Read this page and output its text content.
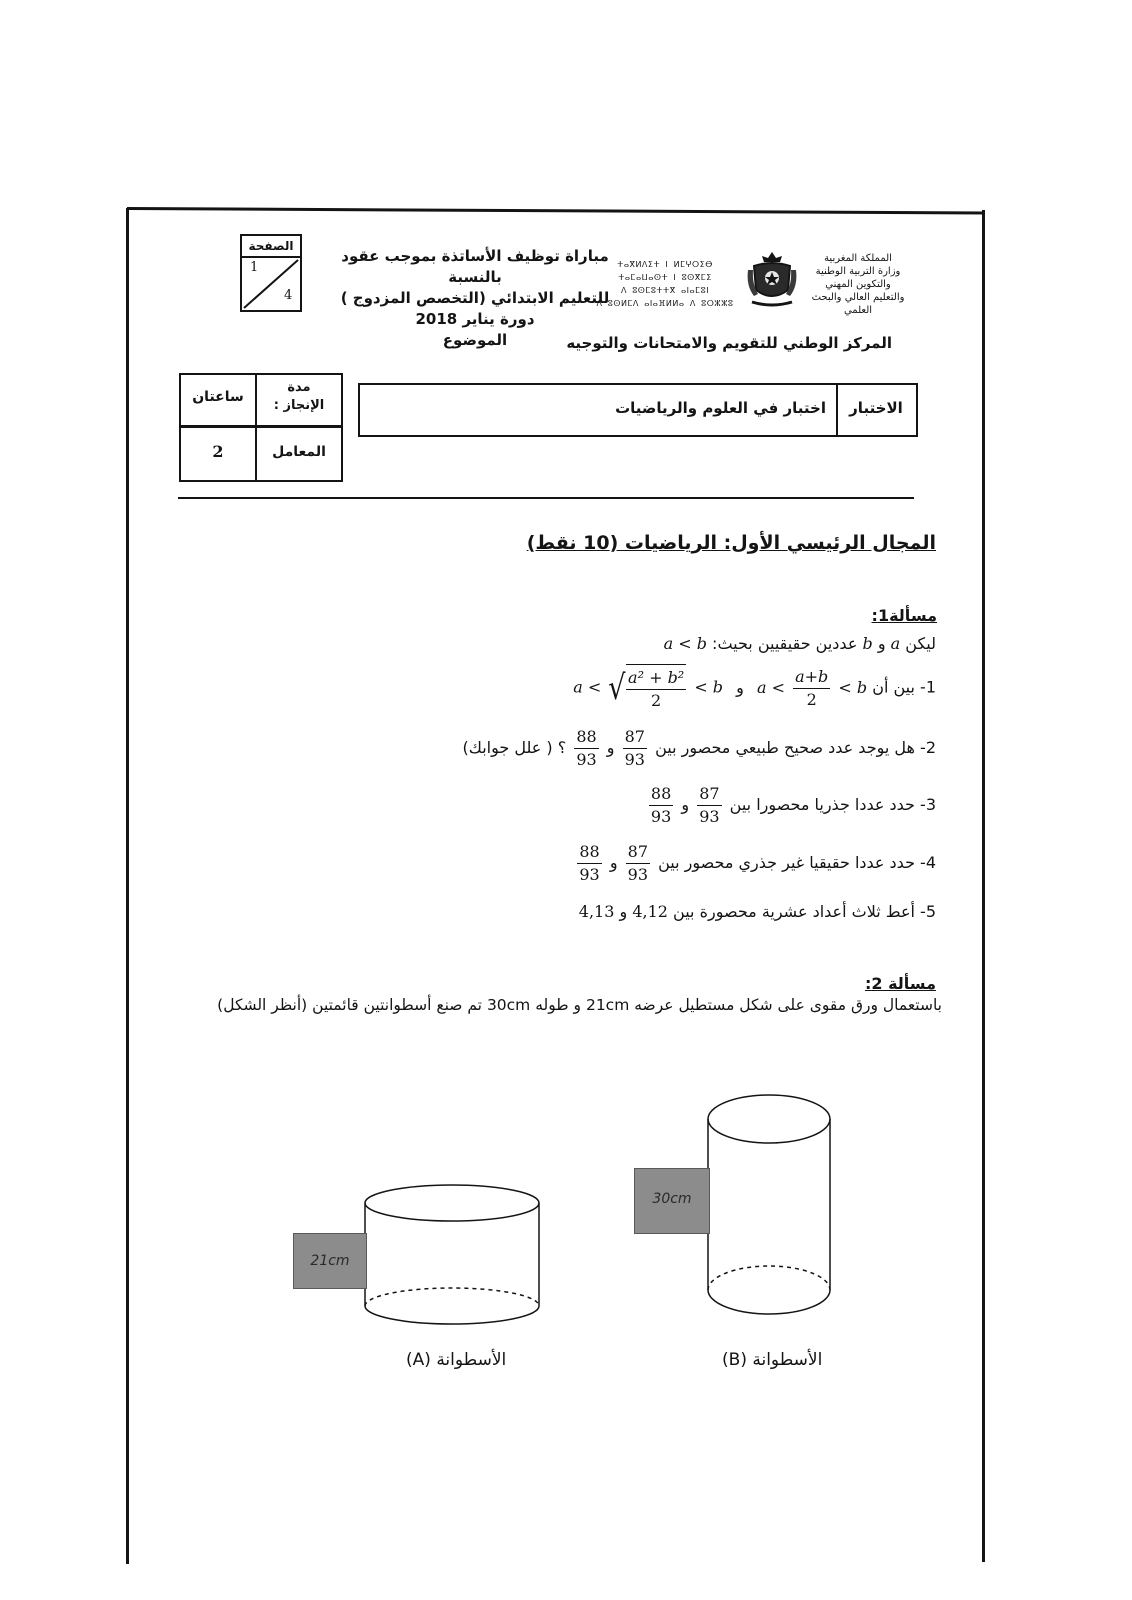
المملكة المغربية
وزارة التربية الوطنية
والتكوين المهني
والتعليم العالي والبحث العلمي
ⵜⴰⴳⵍⴷⵉⵜ ⵏ ⵍⵎⵖⵔⵉⴱ
ⵜⴰⵎⴰⵡⴰⵙⵜ ⵏ ⵓⵙⴳⵎⵉ
ⴷ ⵓⵙⵎⵓⵜⵜⴳ ⴰⵏⴰⵎⵓⵏ
ⴷ ⵓⵙⵍⵎⴷ ⴰⵏⴰⴼⵍⵍⴰ ⴷ ⵓⵔⵣⵣⵓ
المركز الوطني للتقويم والامتحانات والتوجيه
مباراة توظيف الأساتذة بموجب عقود بالنسبة
للتعليم الابتدائي (التخصص المزدوج )
دورة يناير 2018
الموضوع
الصفحة
1
4
الاختبار
اختبار في العلوم والرياضيات
مدة
الإنجاز :
ساعتان
المعامل
2
المجال الرئيسي الأول: الرياضيات (10 نقط)
مسألة1:
ليكن a و b عددين حقيقيين بحيث: a < b
1- بين أن $a < \frac{a+b}{2} < b$ و a < √ $\frac{\text{a² + b²}}{2} < b$
2- هل يوجد عدد صحيح طبيعي محصور بين
$\frac{87}{93}$
و
$\frac{88}{93}$
؟ ( علل جوابك)
3- حدد عددا جذريا محصورا بين
$\frac{87}{93}$
و
$\frac{88}{93}$
4- حدد عددا حقيقيا غير جذري محصور بين
$\frac{87}{93}$
و
$\frac{88}{93}$
5- أعط ثلاث أعداد عشرية محصورة بين 4,12 و 4,13
مسألة 2:
باستعمال ورق مقوى على شكل مستطيل عرضه 21cm و طوله 30cm تم صنع أسطوانتين قائمتين (أنظر الشكل)
21cm
30cm
الأسطوانة (A)	الأسطوانة (B)
